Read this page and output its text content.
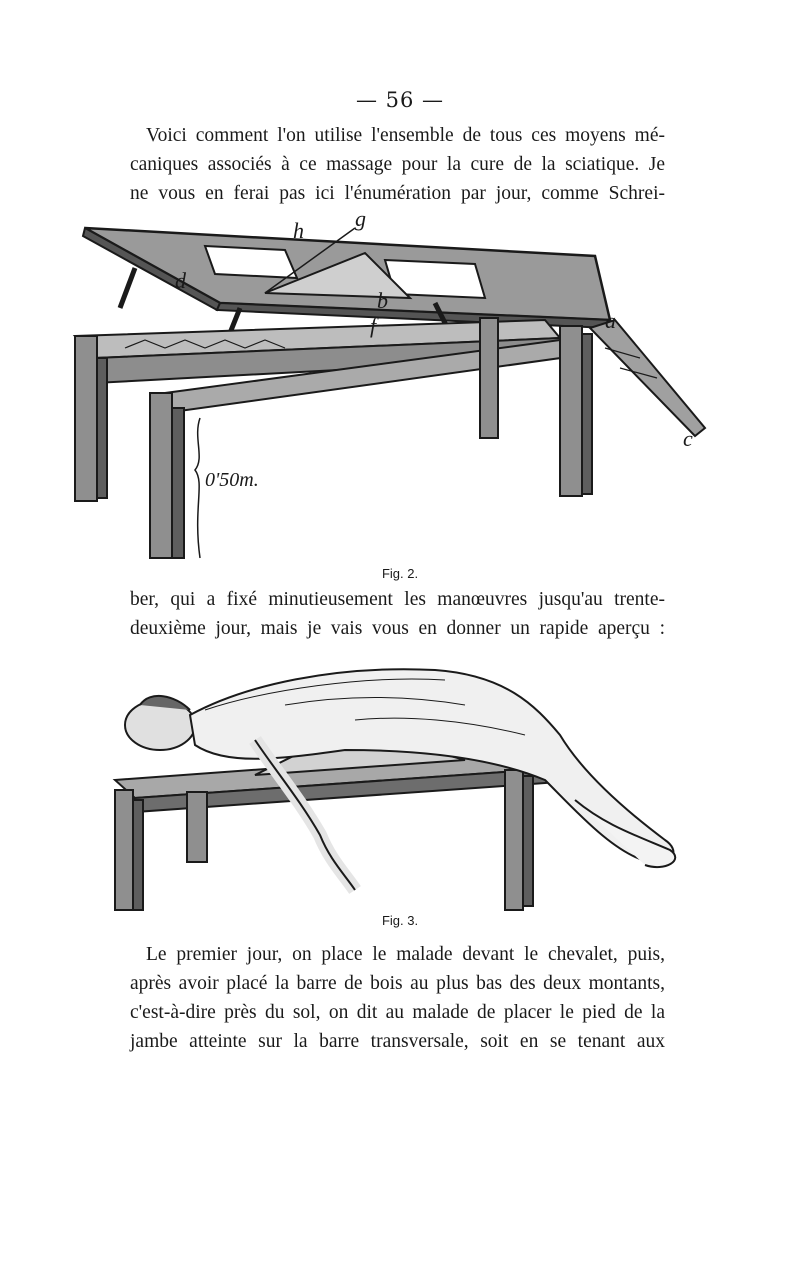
— 56 —
Voici comment l'on utilise l'ensemble de tous ces moyens mé-
caniques associés à ce massage pour la cure de la sciatique. Je
ne vous en ferai pas ici l'énumération par jour, comme Schrei-
h g
d
b
f	a
c
0'50m.
Fig. 2.
ber, qui a fixé minutieusement les manœuvres jusqu'au trente-
deuxième jour, mais je vais vous en donner un rapide aperçu :
Fig. 3.
Le premier jour, on place le malade devant le chevalet, puis,
après avoir placé la barre de bois au plus bas des deux montants,
c'est-à-dire près du sol, on dit au malade de placer le pied de la
jambe atteinte sur la barre transversale, soit en se tenant aux
